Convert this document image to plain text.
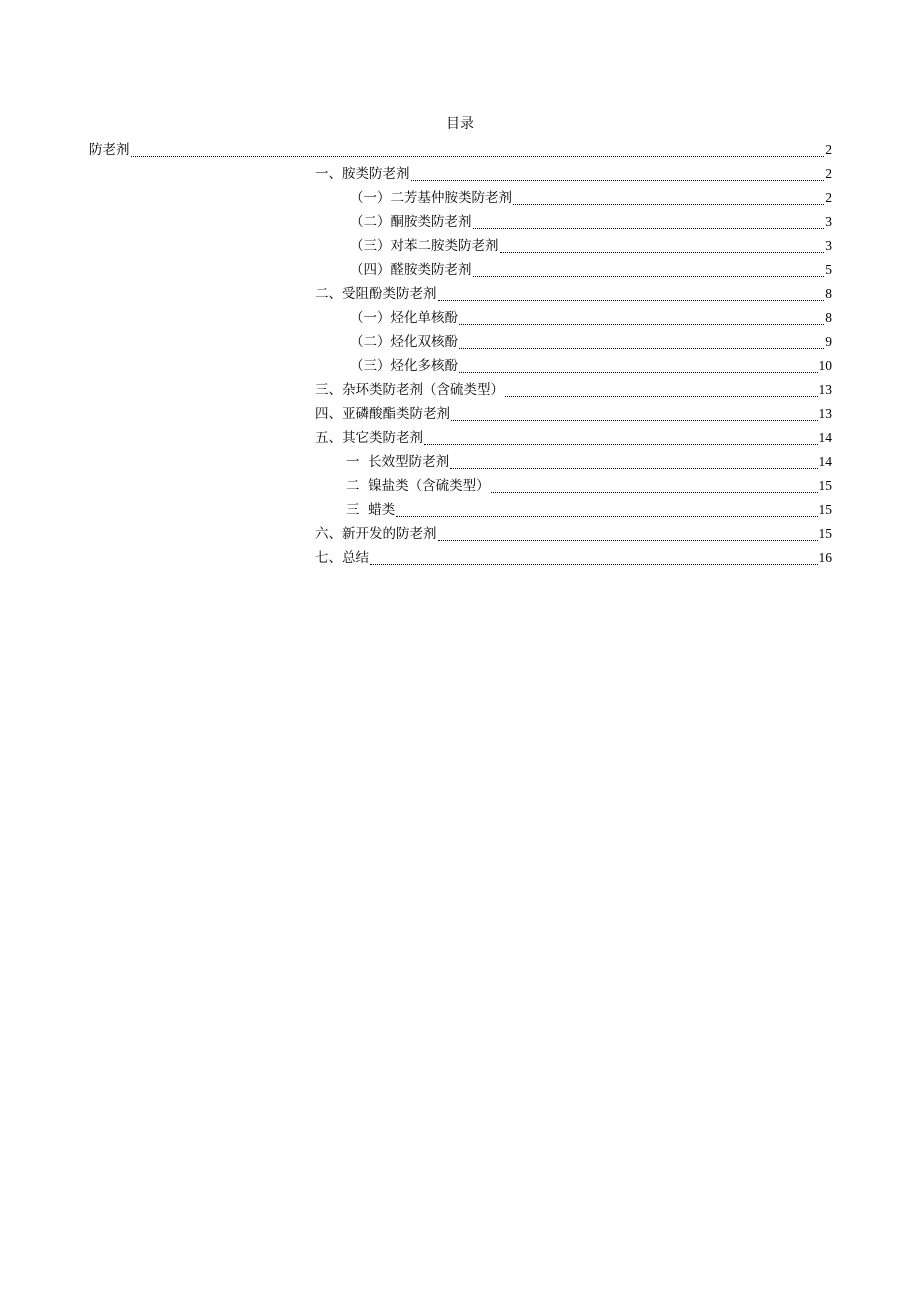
目录
防老剂	2
一、胺类防老剂	2
（一）二芳基仲胺类防老剂	2
（二）酮胺类防老剂	3
（三）对苯二胺类防老剂	3
（四）醛胺类防老剂	5
二、受阻酚类防老剂	8
（一）烃化单核酚	8
（二）烃化双核酚	9
（三）烃化多核酚	10
三、杂环类防老剂（含硫类型）	13
四、亚磷酸酯类防老剂	13
五、其它类防老剂	14
一  长效型防老剂	14
二  镍盐类（含硫类型）	15
三  蜡类	15
六、新开发的防老剂	15
七、总结	16
